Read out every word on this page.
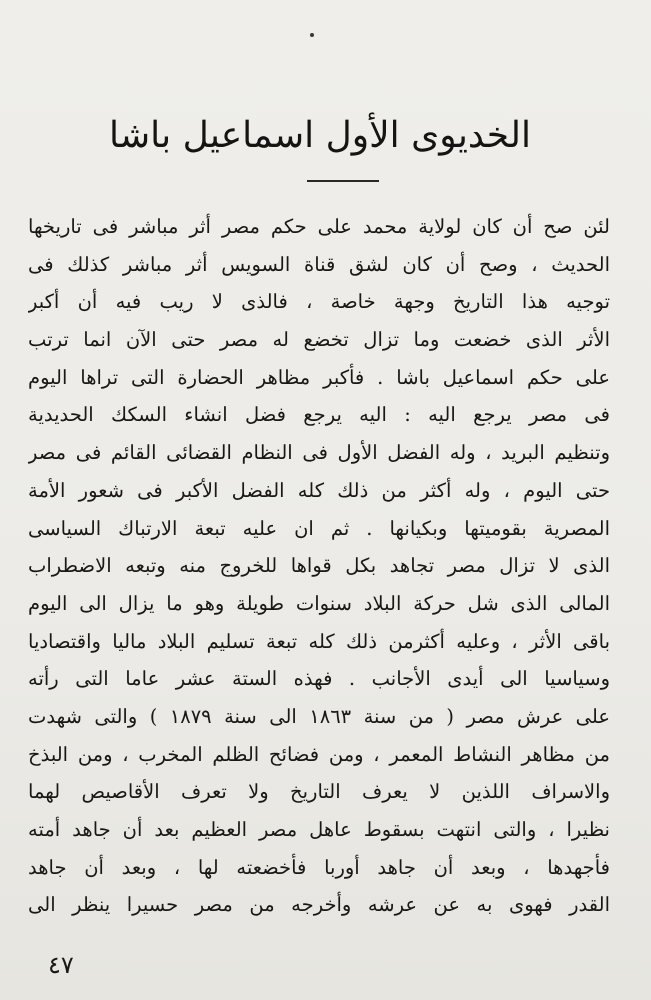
الخديوى الأول اسماعيل باشا
لئن صح أن كان لولاية محمد على حكم مصر أثر مباشر فى تاريخها
الحديث ، وصح أن كان لشق قناة السويس أثر مباشر كذلك فى
توجيه هذا التاريخ وجهة خاصة ، فالذى لا ريب فيه أن أكبر
الأثر الذى خضعت وما تزال تخضع له مصر حتى الآن انما ترتب
على حكم اسماعيل باشا . فأكبر مظاهر الحضارة التى تراها اليوم
فى مصر يرجع اليه : اليه يرجع فضل انشاء السكك الحديدية
وتنظيم البريد ، وله الفضل الأول فى النظام القضائى القائم فى مصر
حتى اليوم ، وله أكثر من ذلك كله الفضل الأكبر فى شعور الأمة
المصرية بقوميتها وبكيانها . ثم ان عليه تبعة الارتباك السياسى
الذى لا تزال مصر تجاهد بكل قواها للخروج منه وتبعه الاضطراب
المالى الذى شل حركة البلاد سنوات طويلة وهو ما يزال الى اليوم
باقى الأثر ، وعليه أكثرمن ذلك كله تبعة تسليم البلاد ماليا واقتصاديا
وسياسيا الى أيدى الأجانب . فهذه الستة عشر عاما التى رأته
على عرش مصر ( من سنة ١٨٦٣ الى سنة ١٨٧٩ ) والتى شهدت
من مظاهر النشاط المعمر ، ومن فضائح الظلم المخرب ، ومن البذخ
والاسراف اللذين لا يعرف التاريخ ولا تعرف الأقاصيص لهما
نظيرا ، والتى انتهت بسقوط عاهل مصر العظيم بعد أن جاهد أمته
فأجهدها ، وبعد أن جاهد أوربا فأخضعته لها ، وبعد أن جاهد
القدر فهوى به عن عرشه وأخرجه من مصر حسيرا ينظر الى
٤٧
